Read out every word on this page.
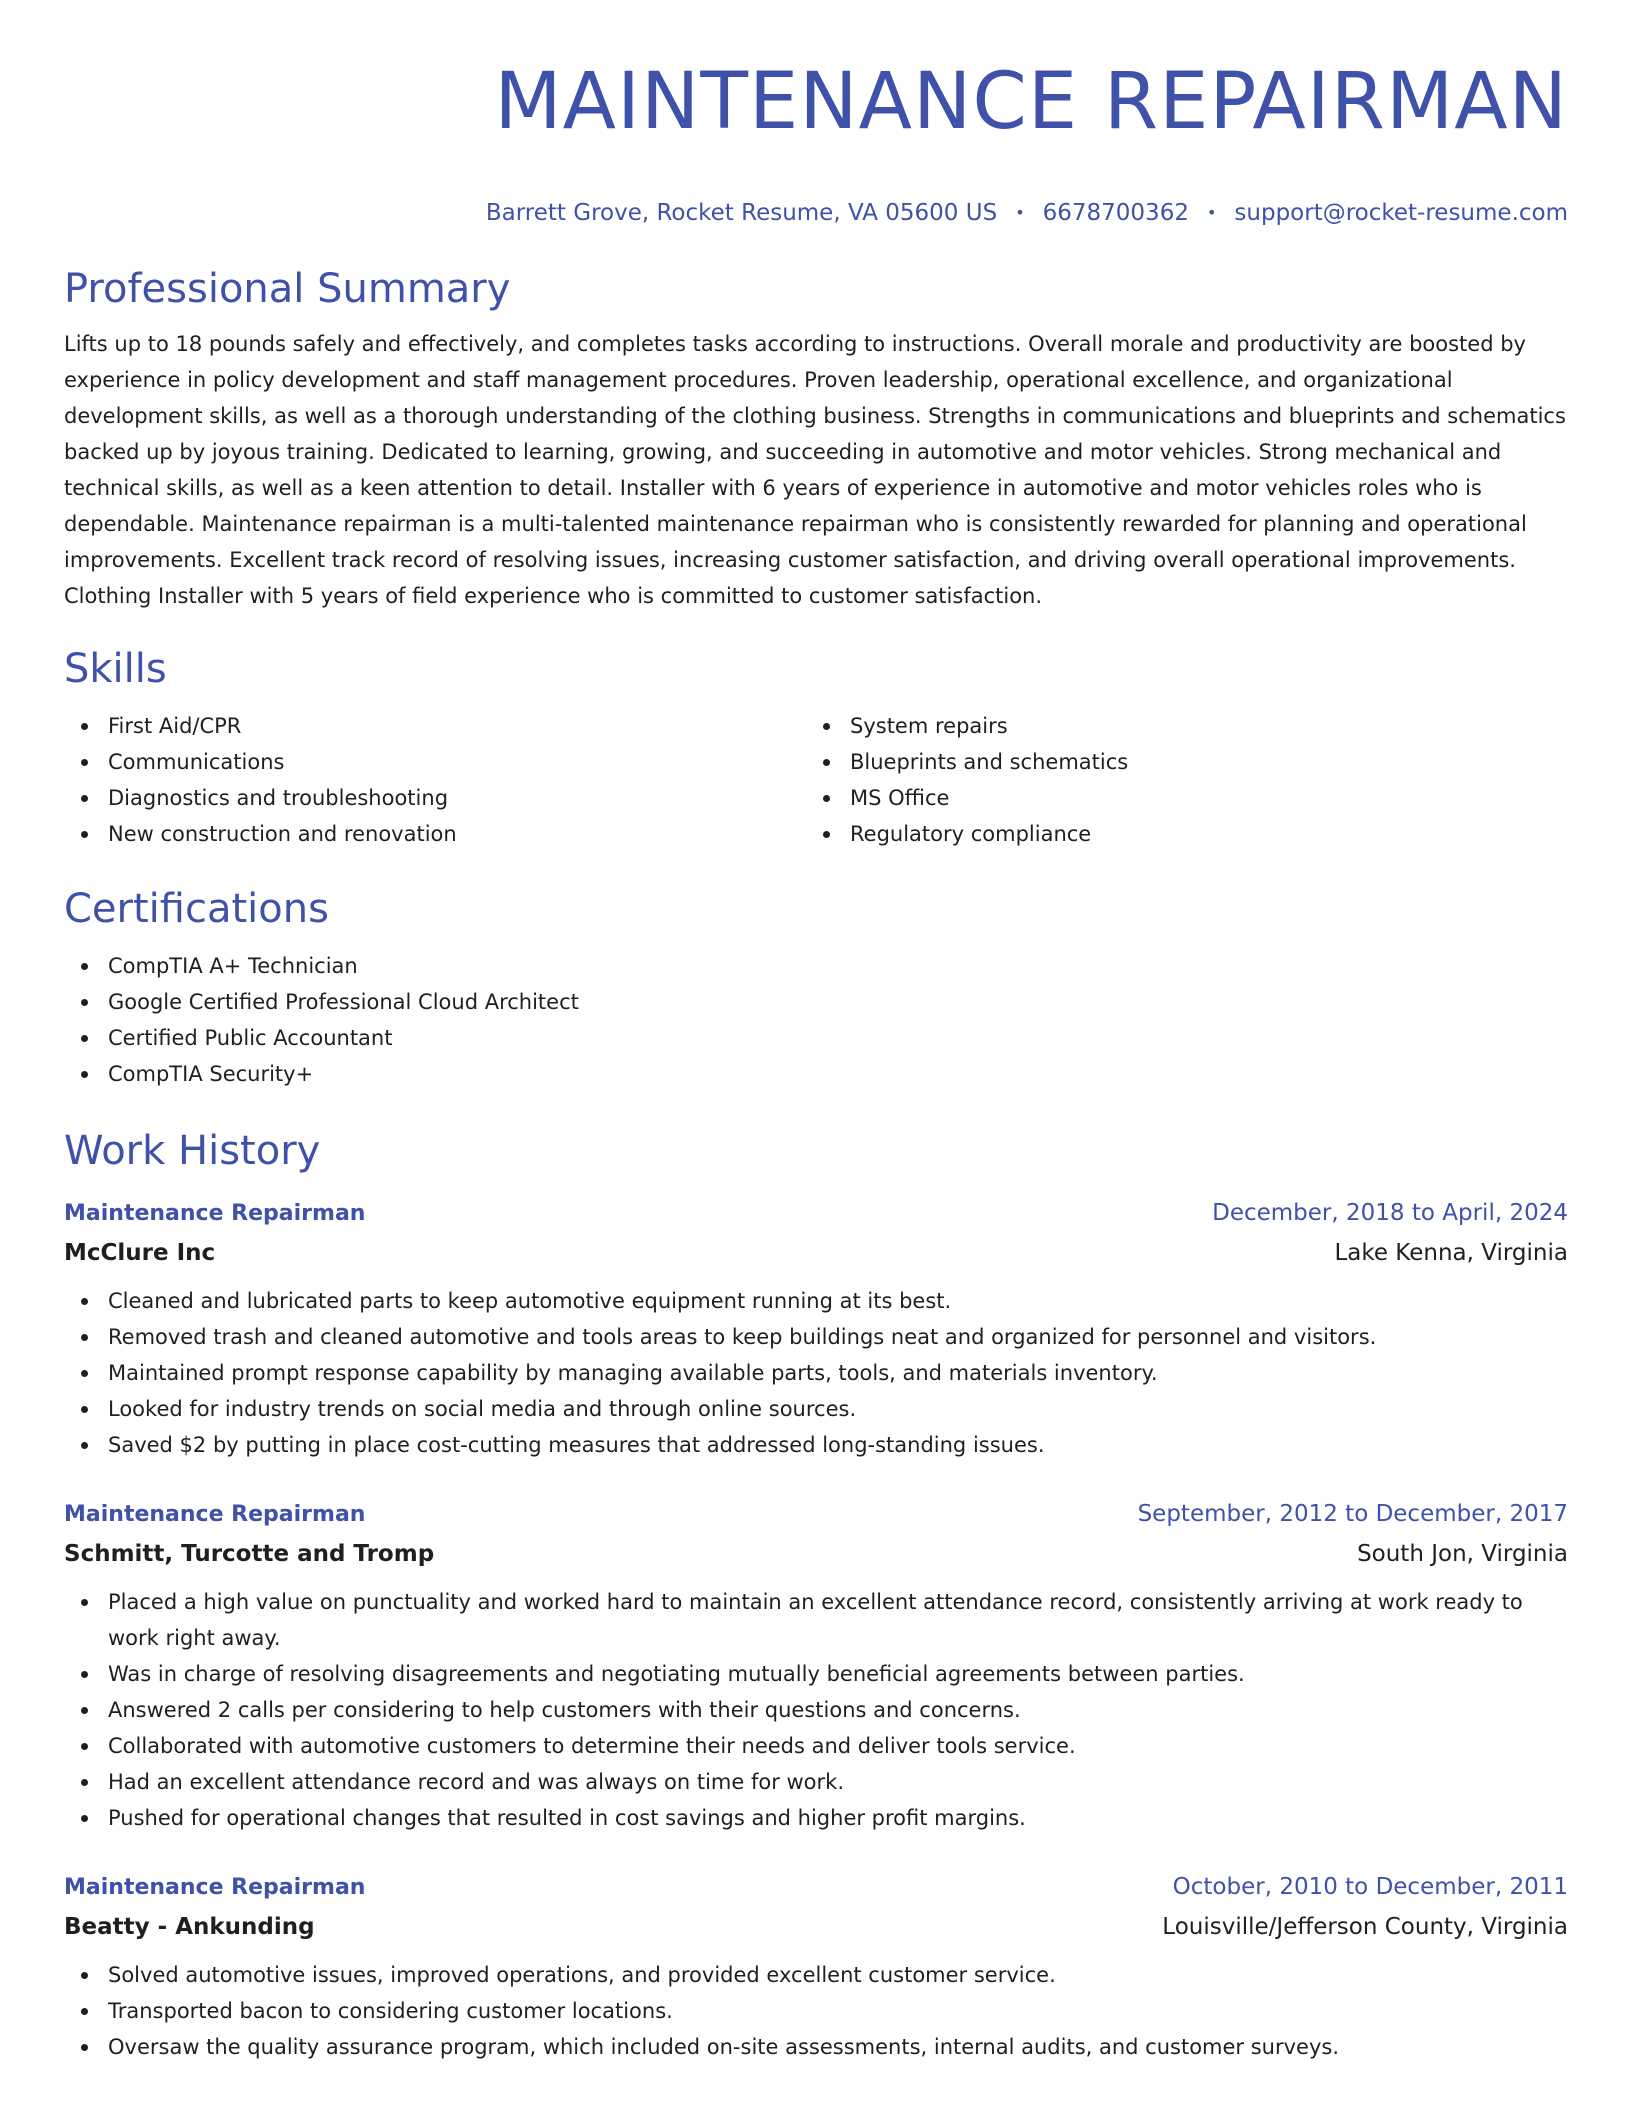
MAINTENANCE REPAIRMAN
Barrett Grove, Rocket Resume, VA 05600 US • 6678700362 • support@rocket-resume.com
Professional Summary

Lifts up to 18 pounds safely and effectively, and completes tasks according to instructions. Overall morale and productivity are boosted by experience in policy development and staff management procedures. Proven leadership, operational excellence, and organizational development skills, as well as a thorough understanding of the clothing business. Strengths in communications and blueprints and schematics backed up by joyous training. Dedicated to learning, growing, and succeeding in automotive and motor vehicles. Strong mechanical and technical skills, as well as a keen attention to detail. Installer with 6 years of experience in automotive and motor vehicles roles who is dependable. Maintenance repairman is a multi-talented maintenance repairman who is consistently rewarded for planning and operational improvements. Excellent track record of resolving issues, increasing customer satisfaction, and driving overall operational improvements. Clothing Installer with 5 years of field experience who is committed to customer satisfaction.

Skills
First Aid/CPR
Communications
Diagnostics and troubleshooting
New construction and renovation
System repairs
Blueprints and schematics
MS Office
Regulatory compliance
Certifications
CompTIA A+ Technician
Google Certified Professional Cloud Architect
Certified Public Accountant
CompTIA Security+
Work History
Maintenance Repairman	December, 2018 to April, 2024
McClure Inc	Lake Kenna, Virginia
Cleaned and lubricated parts to keep automotive equipment running at its best.
Removed trash and cleaned automotive and tools areas to keep buildings neat and organized for personnel and visitors.
Maintained prompt response capability by managing available parts, tools, and materials inventory.
Looked for industry trends on social media and through online sources.
Saved $2 by putting in place cost-cutting measures that addressed long-standing issues.
Maintenance Repairman	September, 2012 to December, 2017
Schmitt, Turcotte and Tromp	South Jon, Virginia
Placed a high value on punctuality and worked hard to maintain an excellent attendance record, consistently arriving at work ready to work right away.
Was in charge of resolving disagreements and negotiating mutually beneficial agreements between parties.
Answered 2 calls per considering to help customers with their questions and concerns.
Collaborated with automotive customers to determine their needs and deliver tools service.
Had an excellent attendance record and was always on time for work.
Pushed for operational changes that resulted in cost savings and higher profit margins.
Maintenance Repairman	October, 2010 to December, 2011
Beatty - Ankunding	Louisville/Jefferson County, Virginia
Solved automotive issues, improved operations, and provided excellent customer service.
Transported bacon to considering customer locations.
Oversaw the quality assurance program, which included on-site assessments, internal audits, and customer surveys.
